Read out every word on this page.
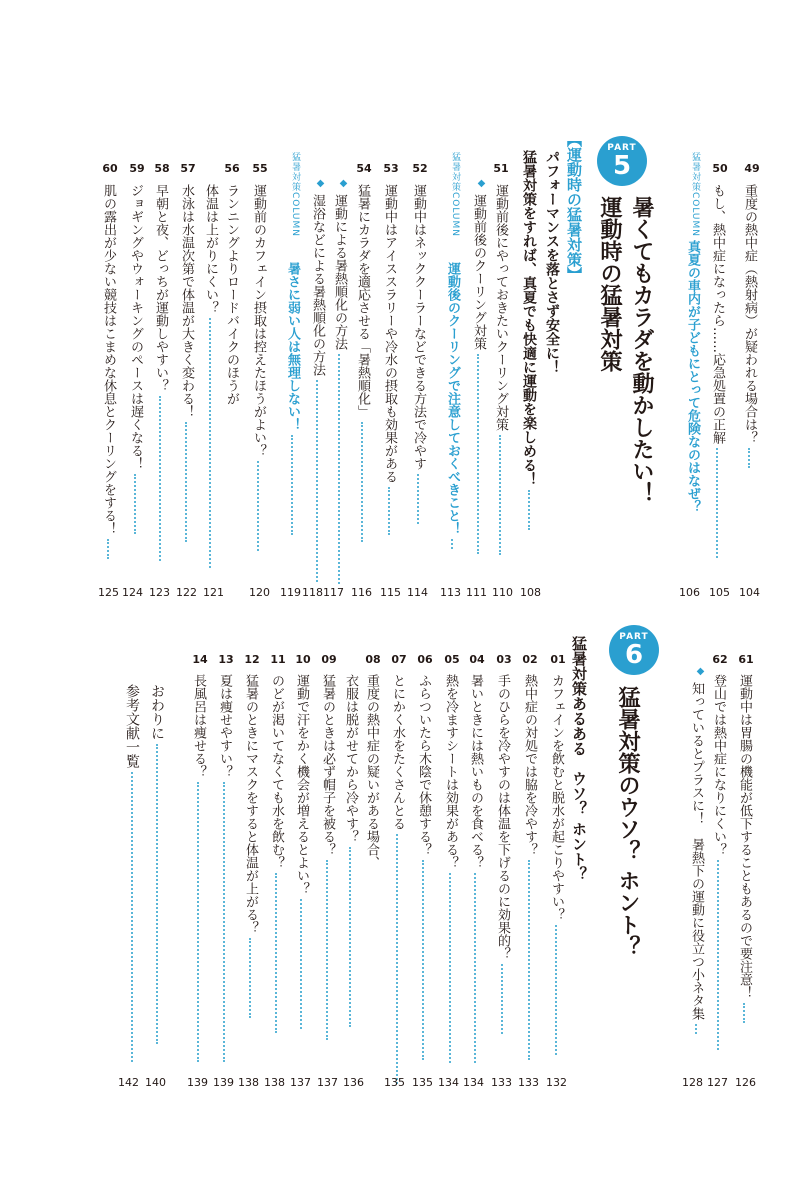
49
重度の熱中症（熱射病）が疑われる場合は？
104
50
もし、熱中症になったら……応急処置の正解
105
猛暑対策COLUMN
真夏の車内が子どもにとって危険なのはなぜ？
106
PART
5
暑くてもカラダを動かしたい！
運動時の猛暑対策
【運動時の猛暑対策】
パフォーマンスを落とさず安全に！
猛暑対策をすれば、真夏でも快適に運動を楽しめる！
108
51
運動前後にやっておきたいクーリング対策
110
◆
運動前後のクーリング対策
111
猛暑対策COLUMN
運動後のクーリングで注意しておくべきこと！
113
52
運動中はネッククーラーなどできる方法で冷やす
114
53
運動中はアイススラリーや冷水の摂取も効果がある
115
54
猛暑にカラダを適応させる「暑熱順化」
116
◆
運動による暑熱順化の方法
117
◆
湿浴などによる暑熱順化の方法
118
猛暑対策COLUMN
暑さに弱い人は無理しない！
119
55
運動前のカフェイン摂取は控えたほうがよい？
120
56
ランニングよりロードバイクのほうが
体温は上がりにくい？
121
57
水泳は水温次第で体温が大きく変わる！
122
58
早朝と夜、どっちが運動しやすい？
123
59
ジョギングやウォーキングのペースは遅くなる！
124
60
肌の露出が少ない競技はこまめな休息とクーリングをする！
125
61
運動中は胃腸の機能が低下することもあるので要注意！
126
62
登山では熱中症になりにくい？
127
◆
知っているとプラスに！　暑熱下の運動に役立つ小ネタ集
128
PART
6
猛暑対策のウソ？ ホント？
猛暑対策あるある　ウソ？ ホント？
01
カフェインを飲むと脱水が起こりやすい？
132
02
熱中症の対処では脇を冷やす？
133
03
手のひらを冷やすのは体温を下げるのに効果的？
133
04
暑いときには熱いものを食べる？
134
05
熱を冷ますシートは効果がある？
134
06
ふらついたら木陰で休憩する？
135
07
とにかく水をたくさんとる
135
08
重度の熱中症の疑いがある場合、
衣服は脱がせてから冷やす？
136
09
猛暑のときは必ず帽子を被る？
137
10
運動で汗をかく機会が増えるとよい？
137
11
のどが渇いてなくても水を飲む？
138
12
猛暑のときにマスクをすると体温が上がる？
138
13
夏は痩せやすい？
139
14
長風呂は痩せる？
139
おわりに
140
参考文献一覧
142
